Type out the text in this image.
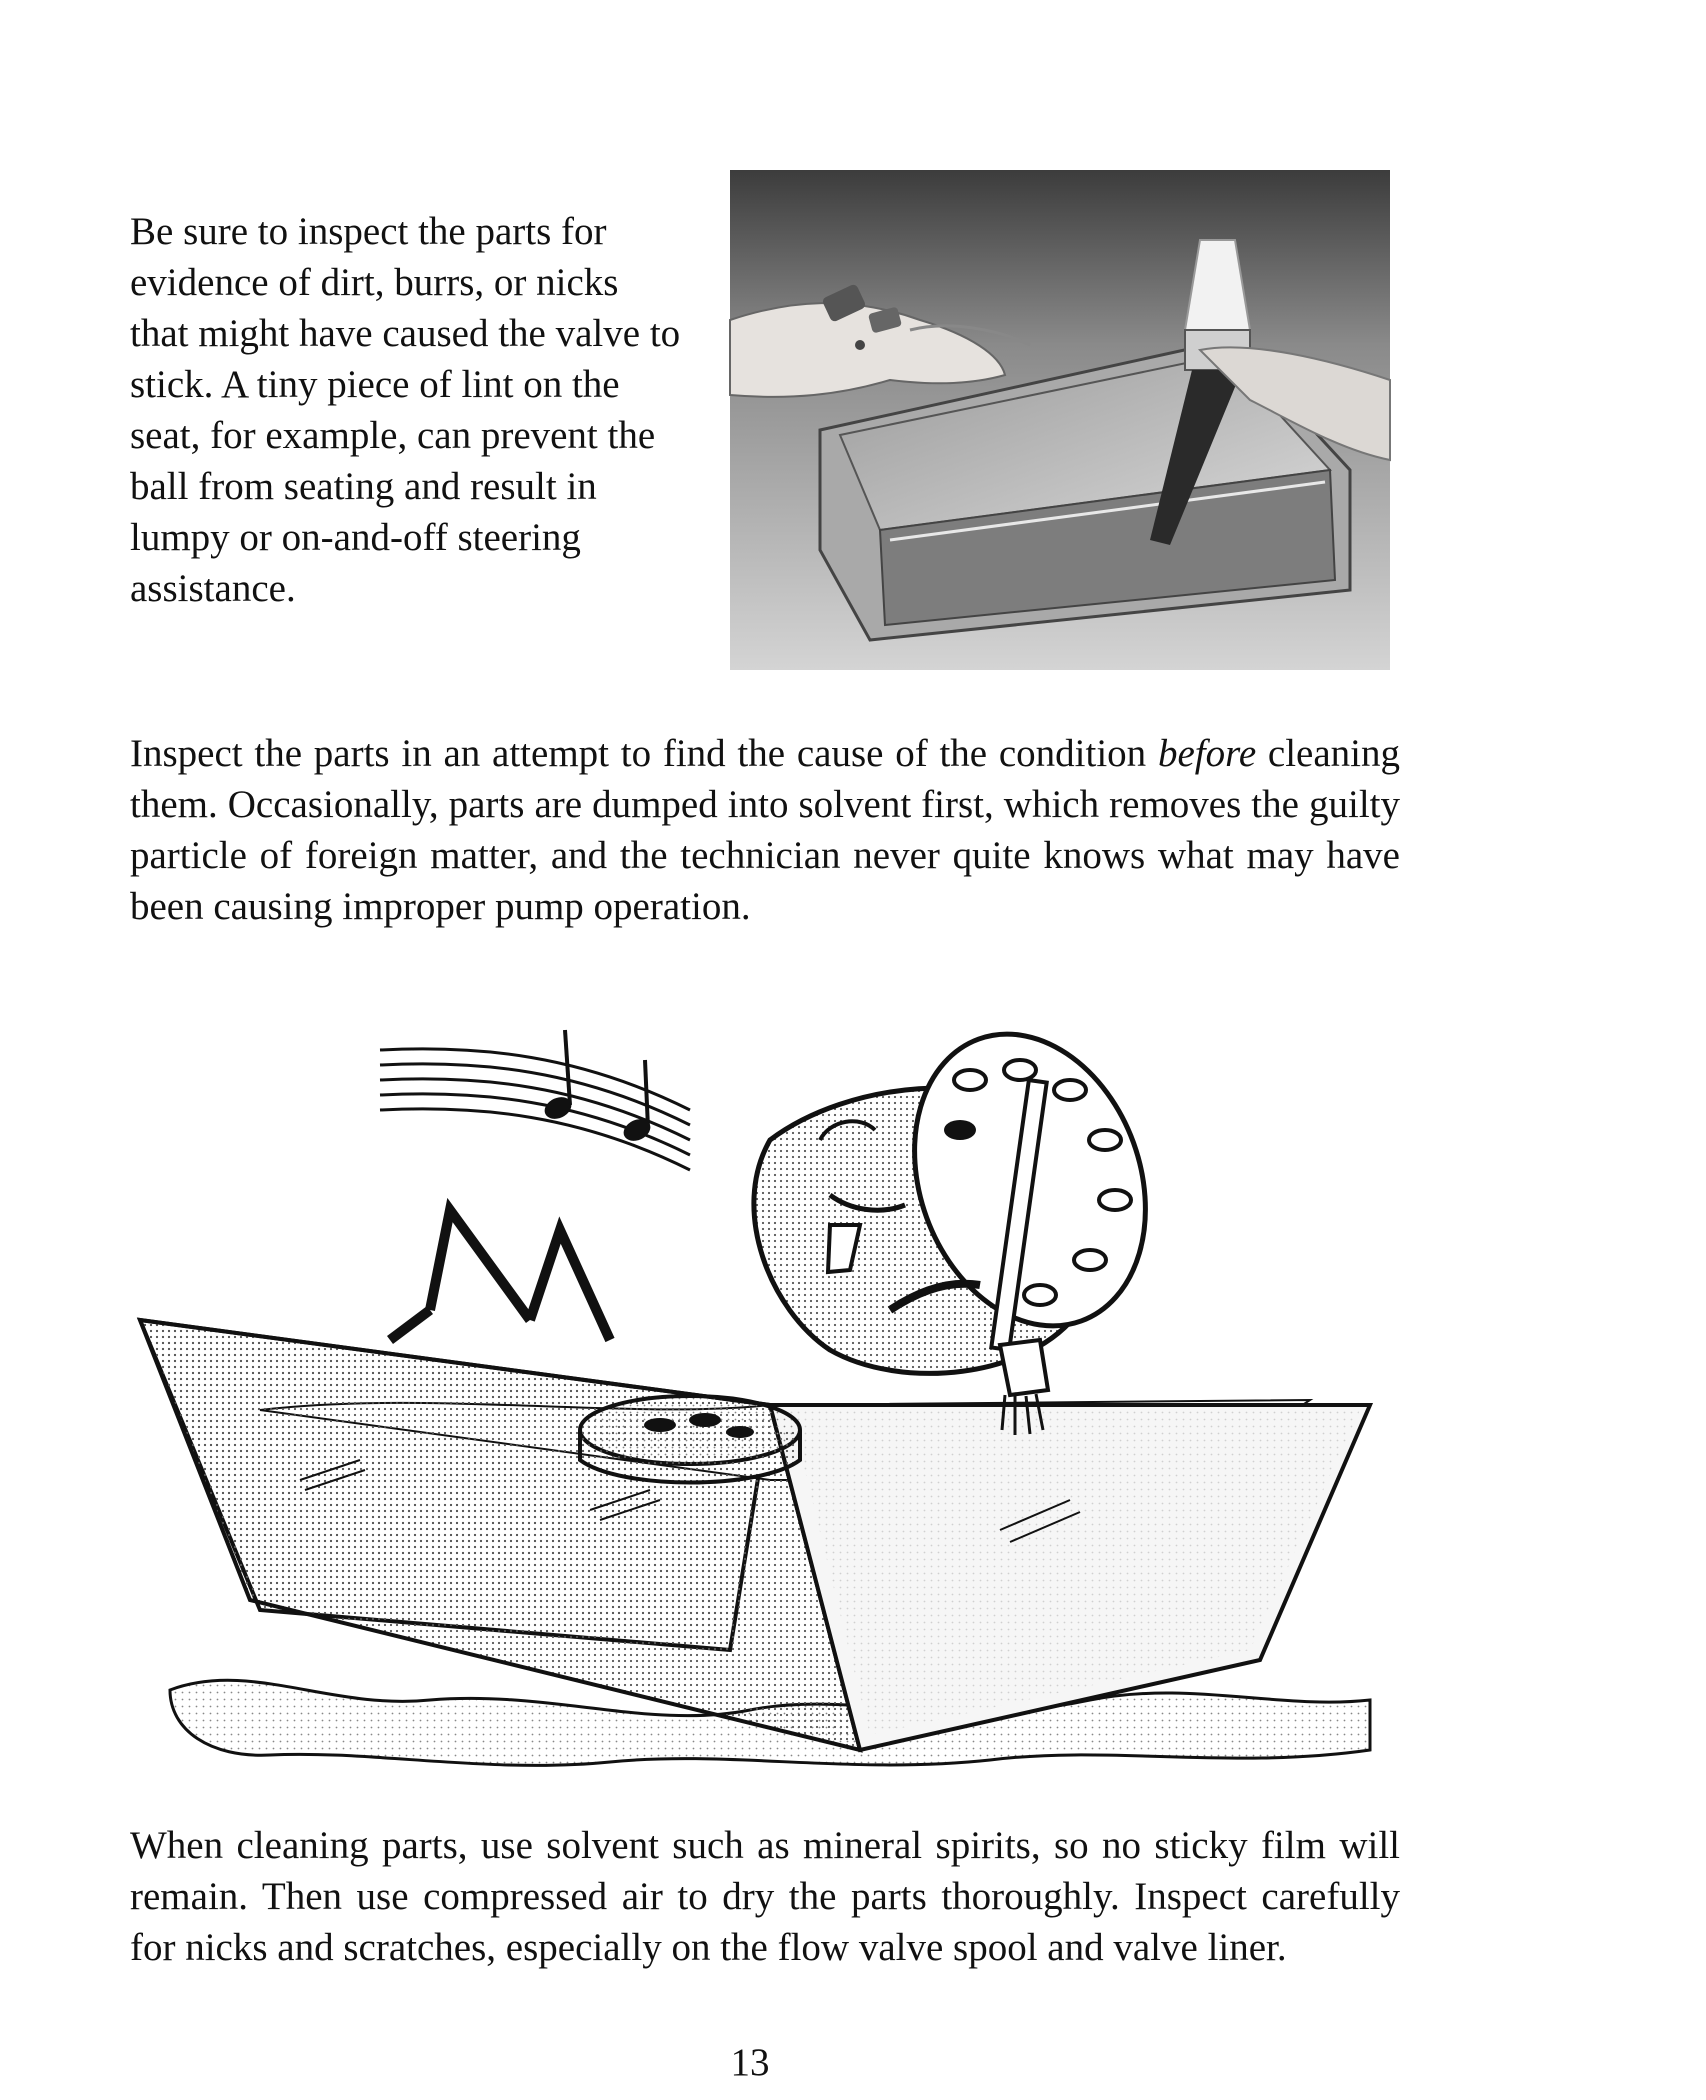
Be sure to inspect the parts for evidence of dirt, burrs, or nicks that might have caused the valve to stick. A tiny piece of lint on the seat, for example, can prevent the ball from seating and result in lumpy or on-and-off steering assistance.
INSPECT FIRST, THEN CLEAN
Inspect the parts in an attempt to find the cause of the condition before cleaning them. Occasionally, parts are dumped into solvent first, which removes the guilty particle of foreign matter, and the technician never quite knows what may have been causing improper pump operation.
When cleaning parts, use solvent such as mineral spirits, so no sticky film will remain. Then use compressed air to dry the parts thoroughly. Inspect carefully for nicks and scratches, especially on the flow valve spool and valve liner.
13
